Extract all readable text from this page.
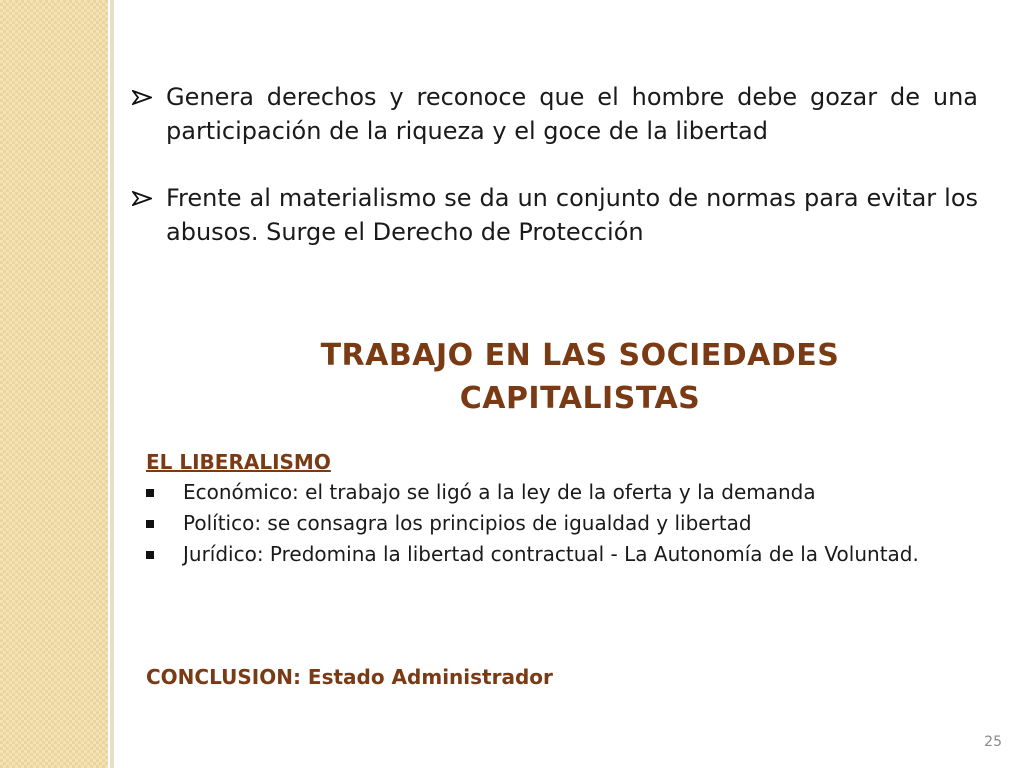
Genera derechos y reconoce que el hombre debe gozar de una participación de la riqueza y el goce de la libertad
Frente al materialismo se da un conjunto de normas para evitar los abusos. Surge el Derecho de Protección
TRABAJO EN LAS SOCIEDADES CAPITALISTAS

EL LIBERALISMO

Económico: el trabajo se ligó a la ley de la oferta y la demanda
Político: se consagra los principios de igualdad y libertad
Jurídico: Predomina la libertad contractual - La Autonomía de la Voluntad.

CONCLUSION: Estado Administrador

25
